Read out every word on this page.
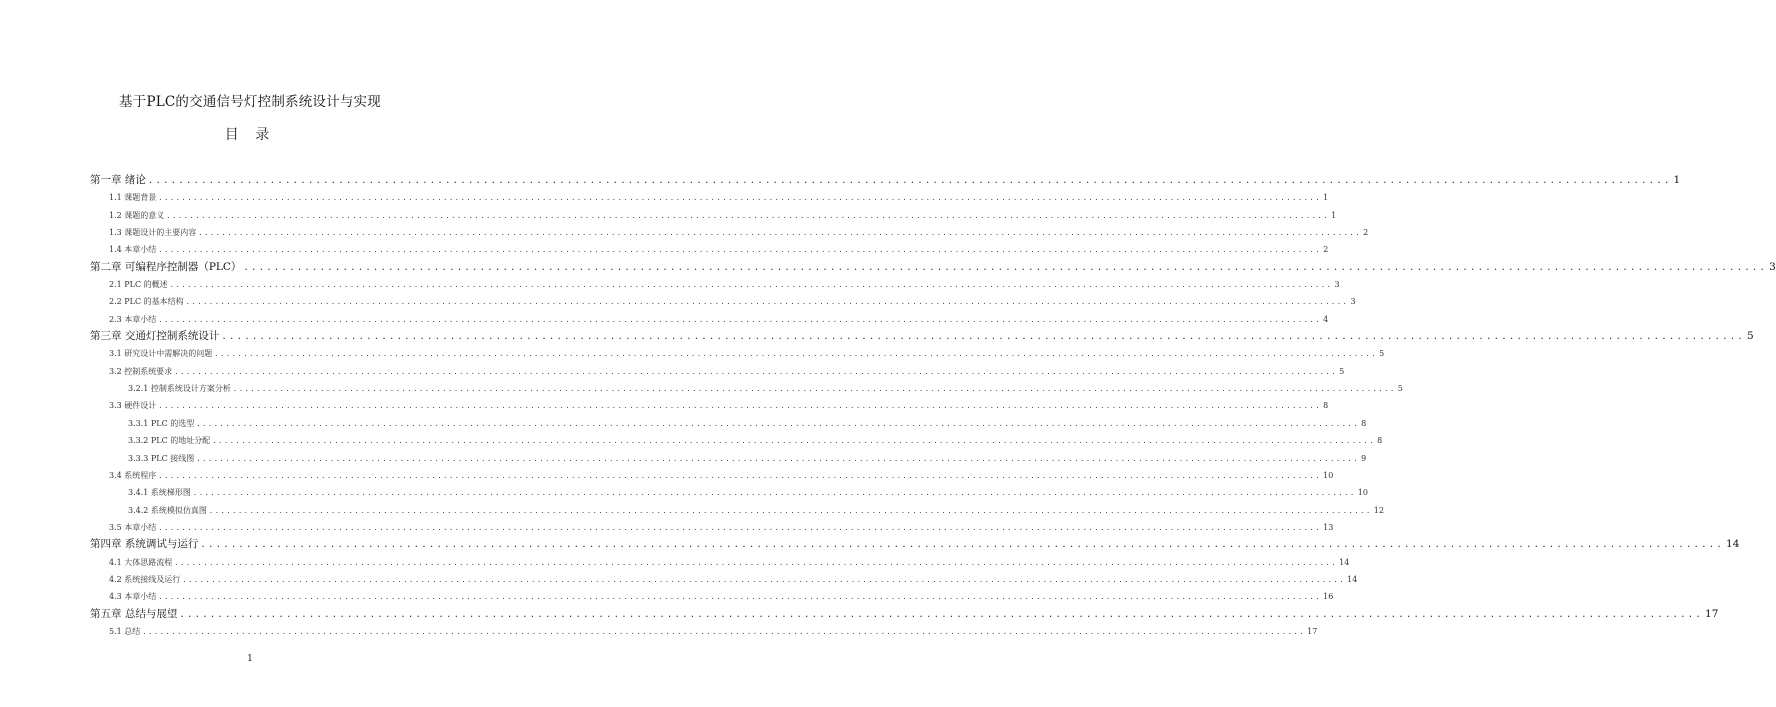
基于PLC的交通信号灯控制系统设计与实现
目 录
第一章 绪论 ........................................................................................................................................................................................................ 1
1.1 课题背景 ........................................................................................................................................................................................................ 1
1.2 课题的意义 ........................................................................................................................................................................................................ 1
1.3 课题设计的主要内容 ........................................................................................................................................................................................................ 2
1.4 本章小结 ........................................................................................................................................................................................................ 2
第二章 可编程序控制器（PLC） ........................................................................................................................................................................................................ 3
2.1 PLC 的概述 ........................................................................................................................................................................................................ 3
2.2 PLC 的基本结构 ........................................................................................................................................................................................................ 3
2.3 本章小结 ........................................................................................................................................................................................................ 4
第三章 交通灯控制系统设计 ........................................................................................................................................................................................................ 5
3.1 研究设计中需解决的问题 ........................................................................................................................................................................................................ 5
3.2 控制系统要求 ........................................................................................................................................................................................................ 5
3.2.1 控制系统设计方案分析 ........................................................................................................................................................................................................ 5
3.3 硬件设计 ........................................................................................................................................................................................................ 8
3.3.1 PLC 的选型 ........................................................................................................................................................................................................ 8
3.3.2 PLC 的地址分配 ........................................................................................................................................................................................................ 8
3.3.3 PLC 接线图 ........................................................................................................................................................................................................ 9
3.4 系统程序 ........................................................................................................................................................................................................ 10
3.4.1 系统梯形图 ........................................................................................................................................................................................................ 10
3.4.2 系统模拟仿真图 ........................................................................................................................................................................................................ 12
3.5 本章小结 ........................................................................................................................................................................................................ 13
第四章 系统调试与运行 ........................................................................................................................................................................................................ 14
4.1 大体思路流程 ........................................................................................................................................................................................................ 14
4.2 系统接线及运行 ........................................................................................................................................................................................................ 14
4.3 本章小结 ........................................................................................................................................................................................................ 16
第五章 总结与展望 ........................................................................................................................................................................................................ 17
5.1 总结 ........................................................................................................................................................................................................ 17
1
